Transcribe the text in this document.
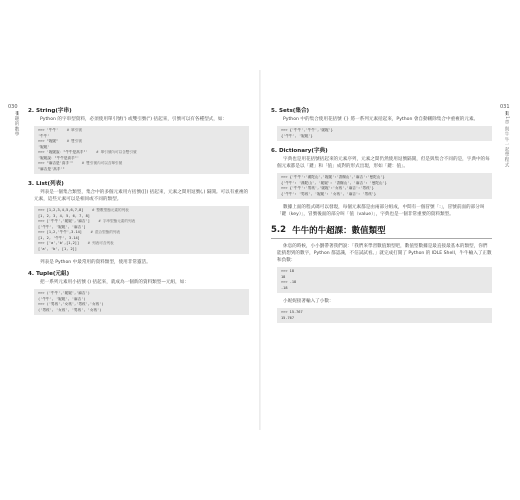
030
有趣的數學 2. String(字串)
Python 的字串型資料，必須使用單引號(') 或雙引號(") 括起來，引號可以有各種型式，如：
>>> '牛牛'    # 單引號
'牛牛'
>>> "妮妮"    # 雙引號
'妮妮'
>>> '妮妮說："牛牛是高手"'    # 單引號內可以含雙引號
'妮妮說："牛牛是高手"'
>>> "麻吉是'高手'"    # 雙引號內可以含單引號
"麻吉是'高手'"
3. List(列表)
列表是一個集合類型，集合中的多個元素用方括號([]) 括起來，元素之間用逗號(,) 隔開。可以有重複的元素，這些元素可以是相同或不同的類型。
>>> [1,2,3,4,5,6,7,8]    # 整數型態元素的列表
[1, 2, 3, 4, 5, 6, 7, 8]
>>> ['牛牛','妮妮','麻吉']    # 字串型態元素的列表
['牛牛', '妮妮', '麻吉']
>>> [1,2,'牛牛',3.14]    # 混合型態的列表
[1, 2, '牛牛', 3.14]
>>> ['a','b',[1,2]]    # 列表可含列表
['a', 'b', [1, 2]]
列表是 Python 中最常用的資料類型，使用非常靈活。
4. Tuple(元組)
把一系列元素用小括號 () 括起來，就成為一個新的資料類型—元組，如：
>>> ('牛牛','妮妮','麻吉')
('牛牛', '妮妮', '麻吉')
>>> ('男孩','女孩','男孩','女孩')
('男孩', '女孩', '男孩', '女孩')
031
第1章 與牛牛一起學程式
5. Sets(集合)
Python 中的集合使用花括號 {} 將一系列元素括起來，Python 會自動刪除集合中重複的元素。
>>> {'牛牛','牛牛','妮妮'}
{'牛牛', '妮妮'}
6. Dictionary(字典)
字典也是用花括號括起來的元素序列，元素之間仍然使用逗號隔開，但是與集合不同的是，字典中的每個元素都是以「鍵」和「值」成對的形式出現，形如「鍵：值」。
>>> {'牛牛':'漢陀山','妮妮':'香榭山','麻吉':'曼陀山'}
{'牛牛': '漢陀山', '妮妮': '香榭山', '麻吉': '曼陀山'}
>>> {'牛牛':'男孩','妮妮':'女孩','麻吉':'男孩'}
{'牛牛': '男孩', '妮妮': '女孩', '麻吉': '男孩'}
數據上面的程式碼可以發現，每個元素都是由兩部分組成，中間有一個冒號「:」，冒號前面的部分叫「鍵（key）」，冒號後面的部分叫「值（value）」，字典也是一個非常重要的資料類型。
5.2 牛牛的牛超課：數值類型
休息的時候，小小劉帶著我們說：「我們來學習數值類型吧，數值型數據是最直接最基本的類型，你們能猜想到的數字，Python 都認識，不信試試看。」就完成打開了 Python 的 IDLE Shell，牛牛輸入了正數和負數：
>>> 18
18
>>> -18
-18
小妮妮接著輸入了小數：
>>> 15.767
15.767
